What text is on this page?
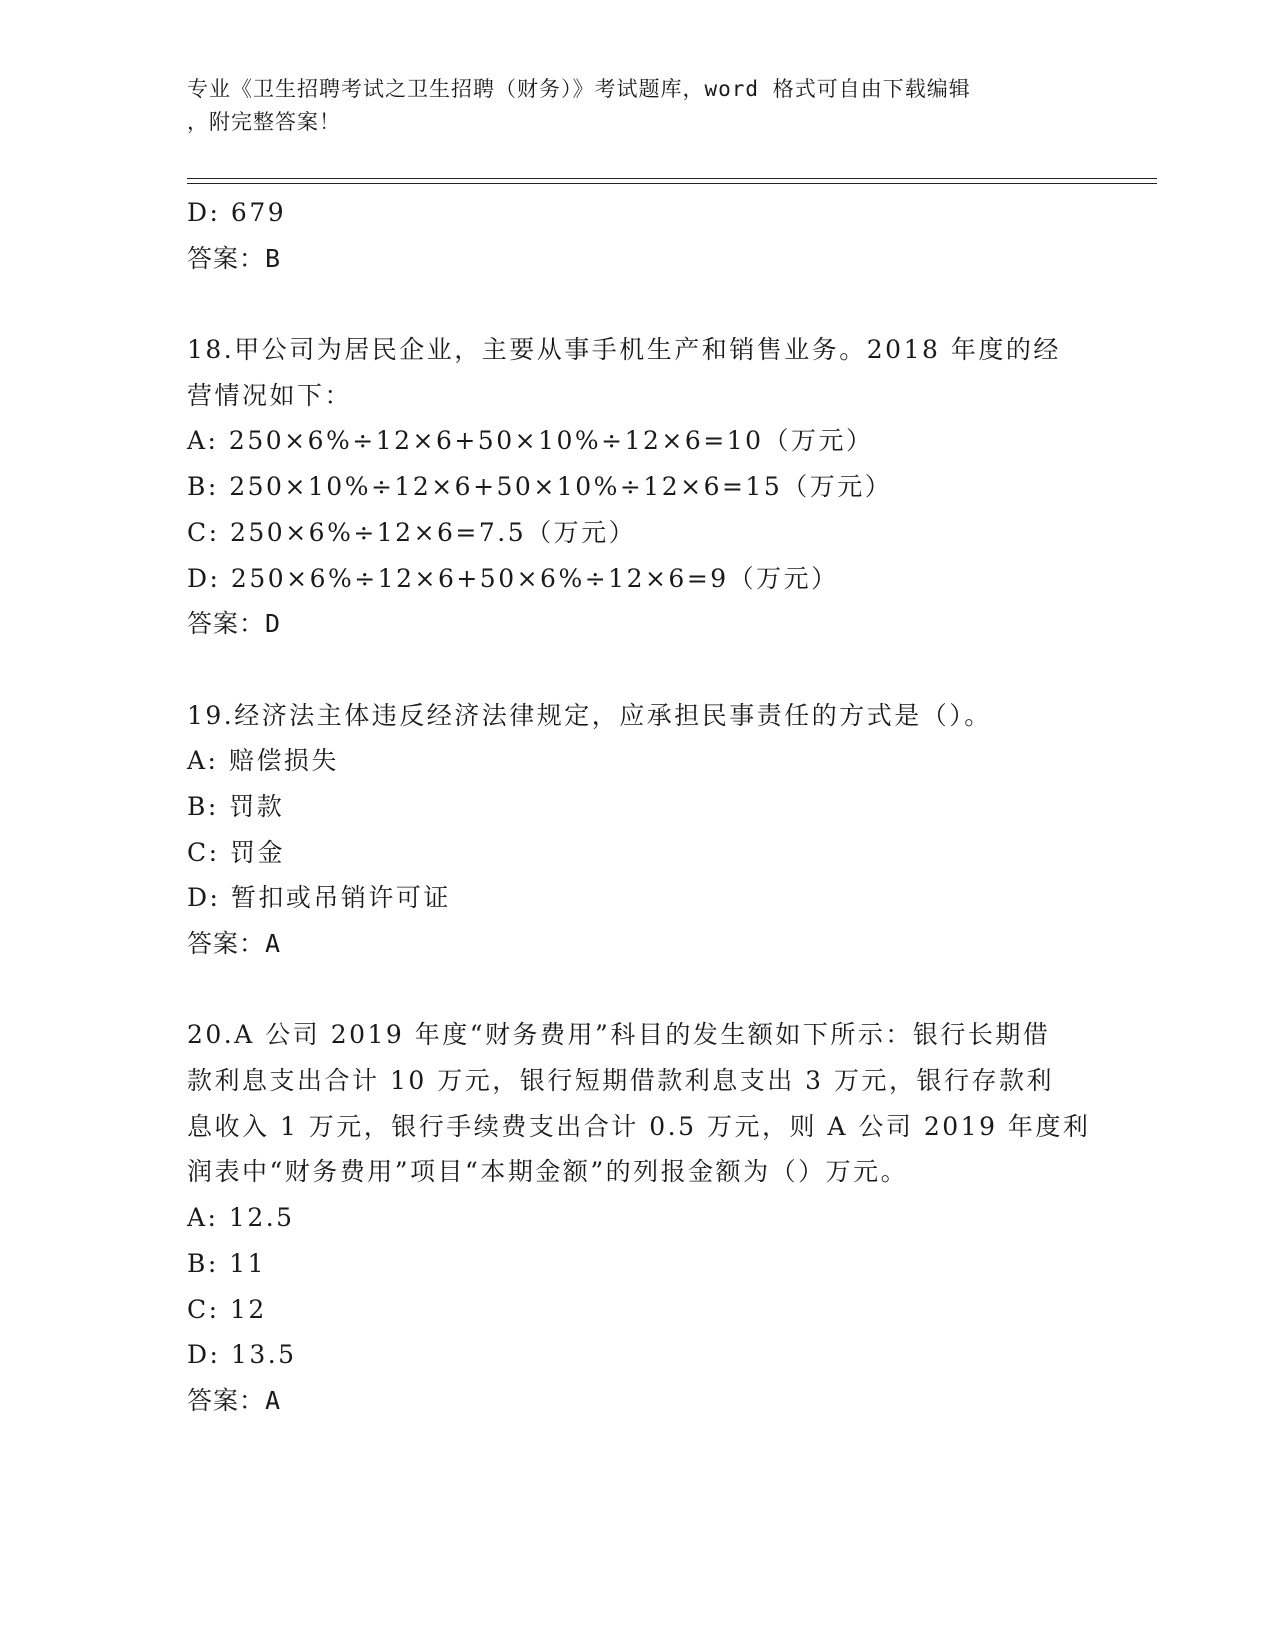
专业《卫生招聘考试之卫生招聘（财务）》考试题库，word 格式可自由下载编辑
，附完整答案！
D: 679
答案：B
18.甲公司为居民企业，主要从事手机生产和销售业务。2018 年度的经
营情况如下：
A: 250×6%÷12×6+50×10%÷12×6=10（万元）
B: 250×10%÷12×6+50×10%÷12×6=15（万元）
C: 250×6%÷12×6=7.5（万元）
D: 250×6%÷12×6+50×6%÷12×6=9（万元）
答案：D
19.经济法主体违反经济法律规定，应承担民事责任的方式是（）。
A: 赔偿损失
B: 罚款
C: 罚金
D: 暂扣或吊销许可证
答案：A
20.A 公司 2019 年度“财务费用”科目的发生额如下所示：银行长期借
款利息支出合计 10 万元，银行短期借款利息支出 3 万元，银行存款利
息收入 1 万元，银行手续费支出合计 0.5 万元，则 A 公司 2019 年度利
润表中“财务费用”项目“本期金额”的列报金额为（）万元。
A: 12.5
B: 11
C: 12
D: 13.5
答案：A
